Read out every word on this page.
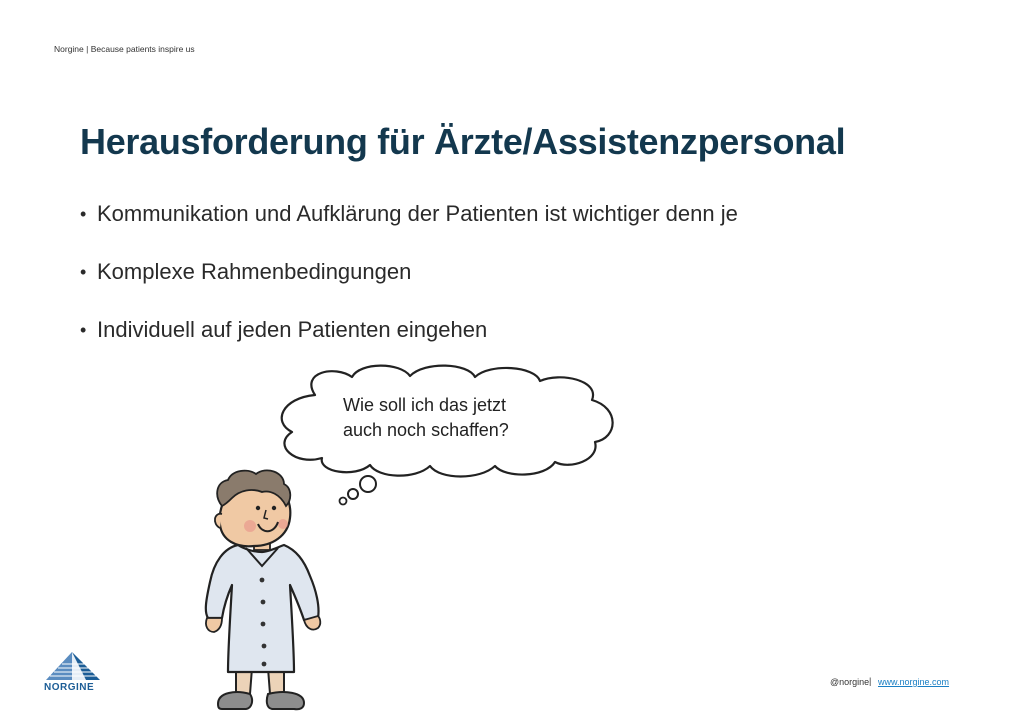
Norgine | Because patients inspire us
Herausforderung für Ärzte/Assistenzpersonal
• Kommunikation und Aufklärung der Patienten ist wichtiger denn je
• Komplexe Rahmenbedingungen
• Individuell auf jeden Patienten eingehen
Wie soll ich das jetzt
auch noch schaffen?
NORGINE	@norgine | www.norgine.com
